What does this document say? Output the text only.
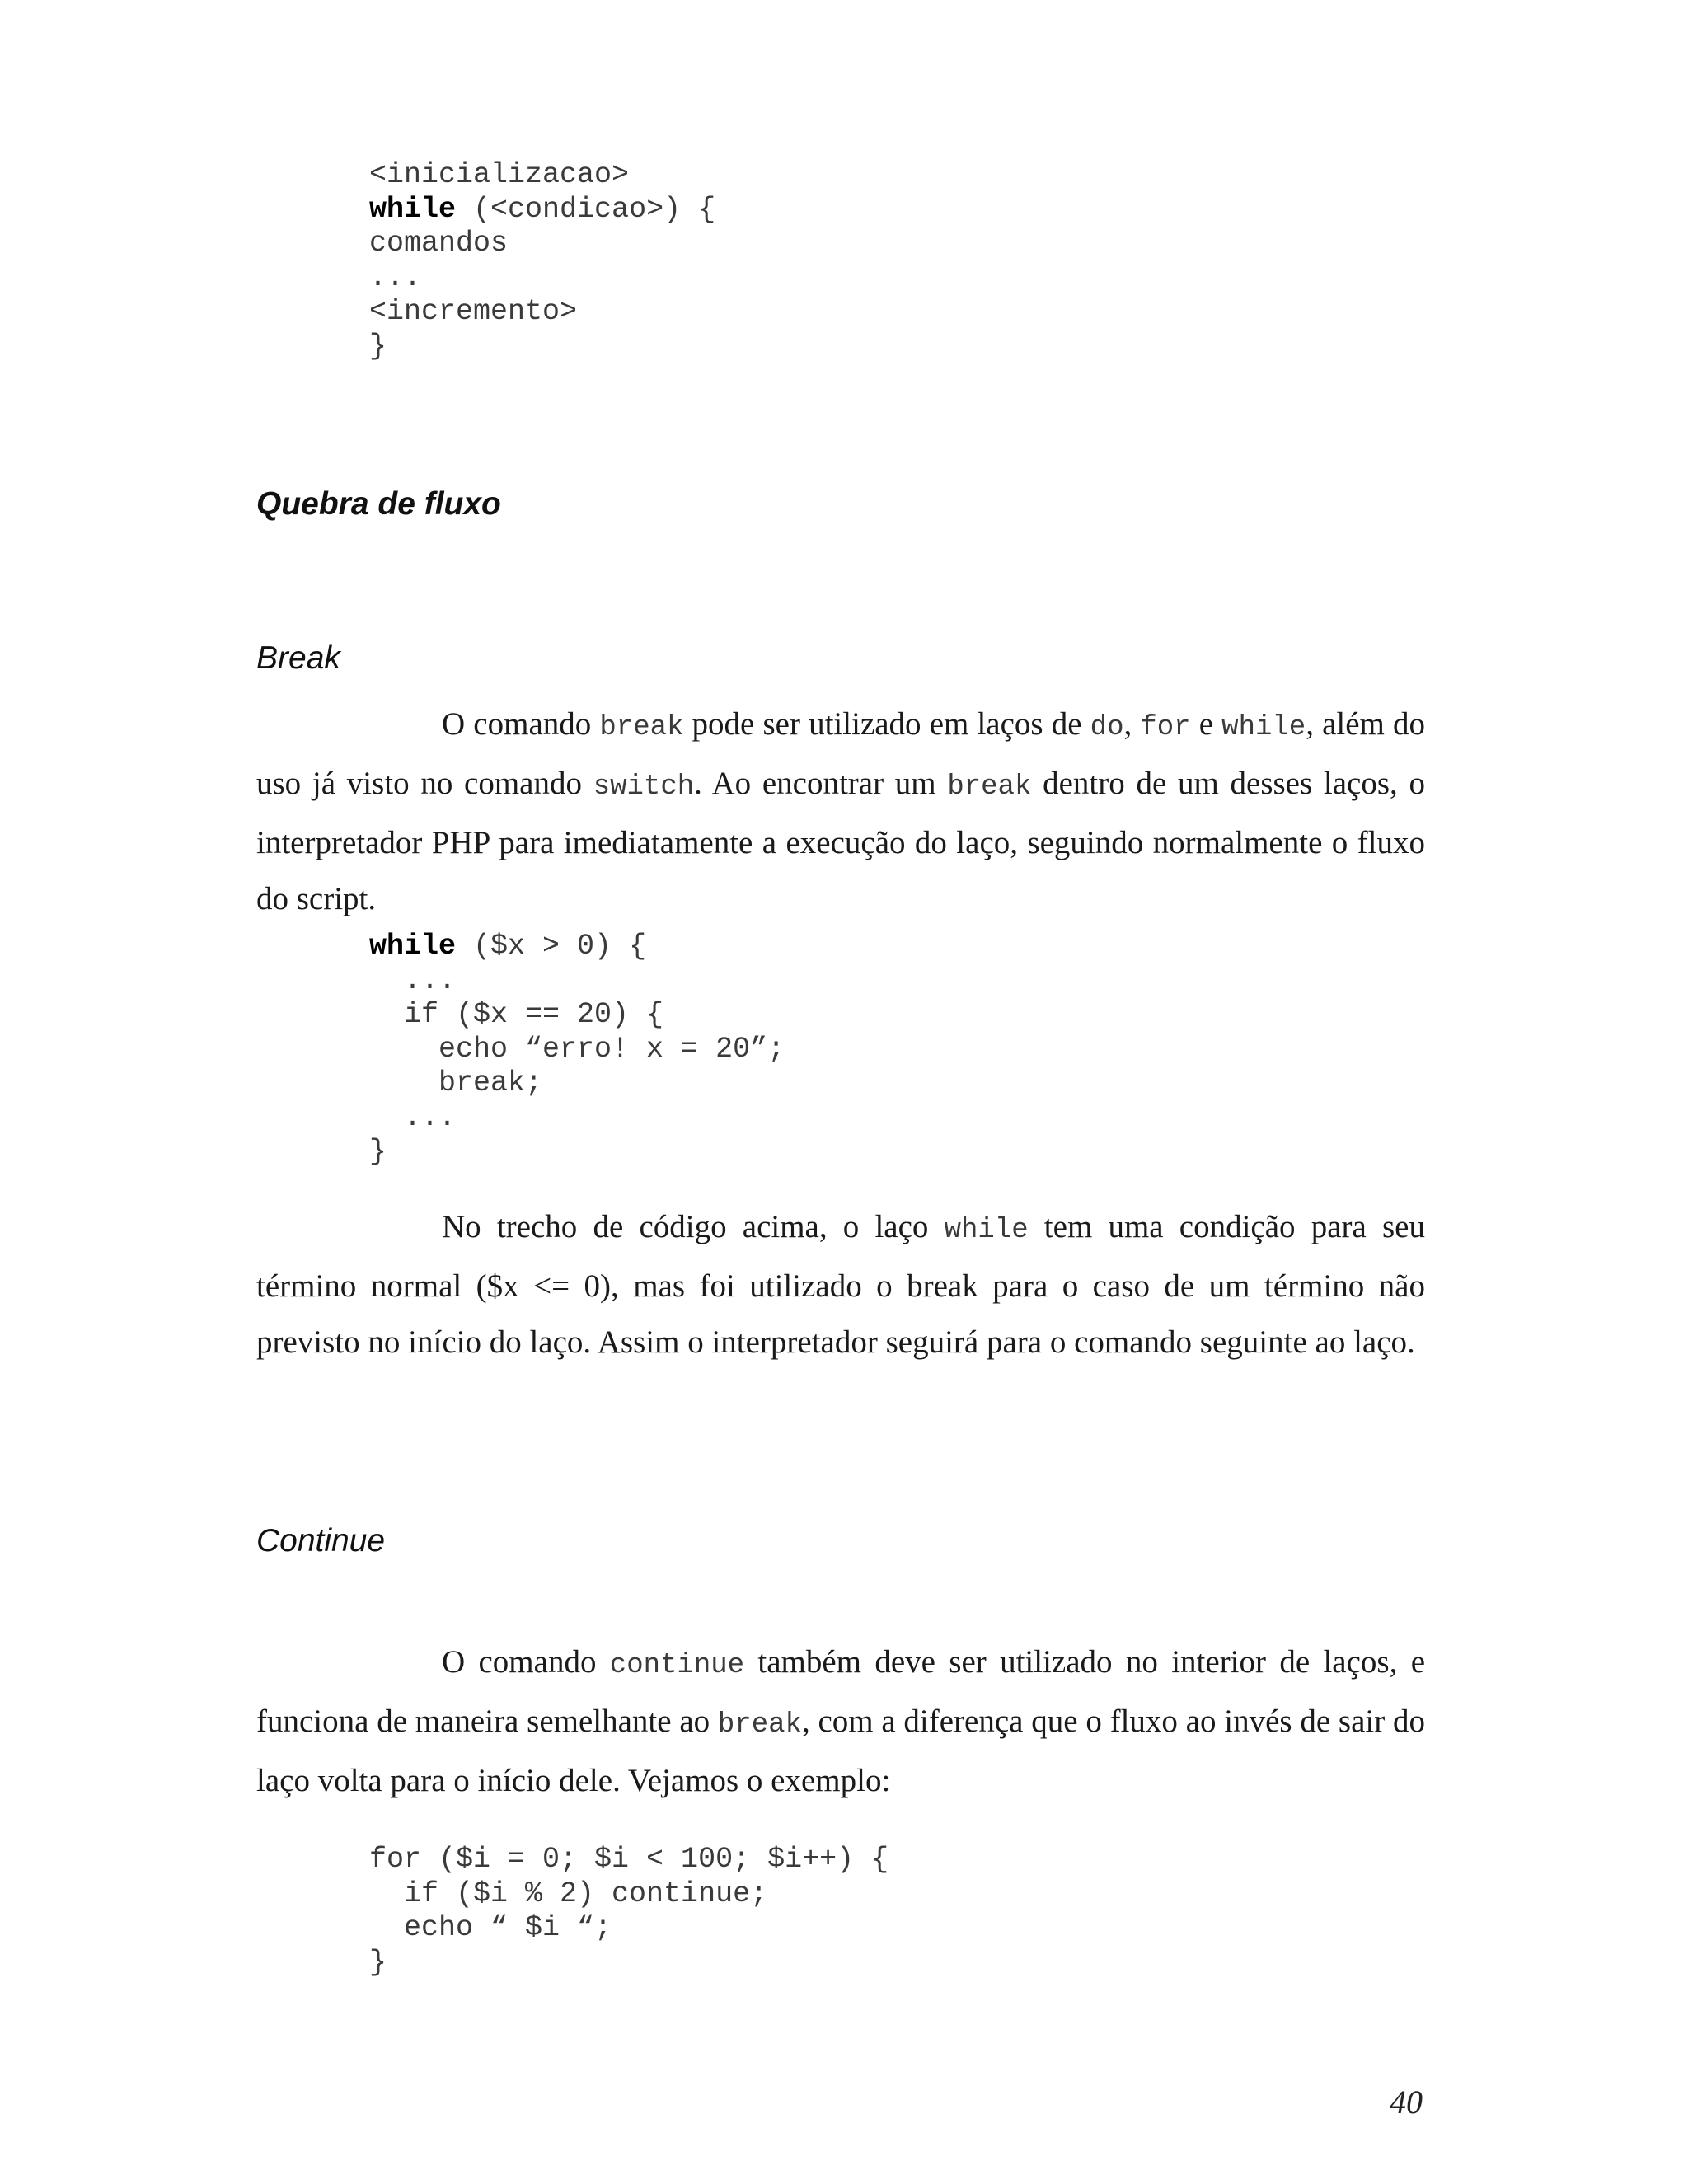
<inicializacao>
while (<condicao>) {
comandos
...
<incremento>
}
Quebra de fluxo
Break
O comando break pode ser utilizado em laços de do, for e while, além do uso já visto no comando switch. Ao encontrar um break dentro de um desses laços, o interpretador PHP para imediatamente a execução do laço, seguindo normalmente o fluxo do script.
while ($x > 0) {
...
if ($x == 20) {
echo “erro! x = 20”;
break;
...
}
No trecho de código acima, o laço while tem uma condição para seu término normal ($x <= 0), mas foi utilizado o break para o caso de um término não previsto no início do laço. Assim o interpretador seguirá para o comando seguinte ao laço.
Continue
O comando continue também deve ser utilizado no interior de laços, e funciona de maneira semelhante ao break, com a diferença que o fluxo ao invés de sair do laço volta para o início dele. Vejamos o exemplo:
for ($i = 0; $i < 100; $i++) {
if ($i % 2) continue;
echo “ $i “;
}
40
